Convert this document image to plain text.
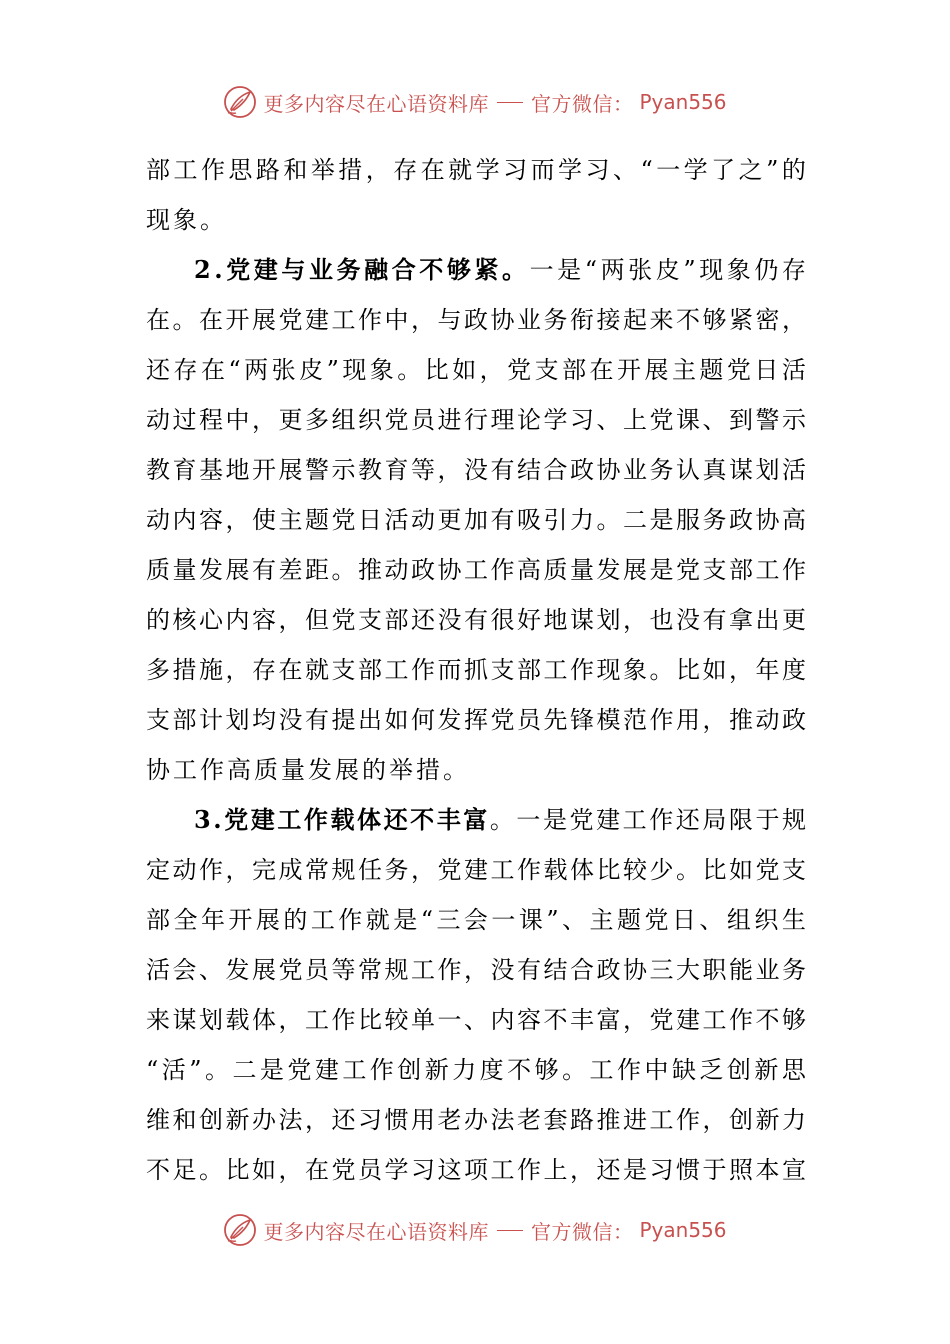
更多内容尽在心语资料库 官方微信： Pyan556
部 工 作 思 路 和 举 措 ， 存 在 就 学 习 而 学 习 、 “ 一 学 了 之 ” 的
现 象 。
2 . 党 建 与 业 务 融 合 不 够 紧 。 一 是 “ 两 张 皮 ” 现 象 仍 存
在 。 在 开 展 党 建 工 作 中 ， 与 政 协 业 务 衔 接 起 来 不 够 紧 密 ，
还 存 在 “ 两 张 皮 ” 现 象 。 比 如 ， 党 支 部 在 开 展 主 题 党 日 活
动 过 程 中 ， 更 多 组 织 党 员 进 行 理 论 学 习 、 上 党 课 、 到 警 示
教 育 基 地 开 展 警 示 教 育 等 ， 没 有 结 合 政 协 业 务 认 真 谋 划 活
动 内 容 ， 使 主 题 党 日 活 动 更 加 有 吸 引 力 。 二 是 服 务 政 协 高
质 量 发 展 有 差 距 。 推 动 政 协 工 作 高 质 量 发 展 是 党 支 部 工 作
的 核 心 内 容 ， 但 党 支 部 还 没 有 很 好 地 谋 划 ， 也 没 有 拿 出 更
多 措 施 ， 存 在 就 支 部 工 作 而 抓 支 部 工 作 现 象 。 比 如 ， 年 度
支 部 计 划 均 没 有 提 出 如 何 发 挥 党 员 先 锋 模 范 作 用 ， 推 动 政
协 工 作 高 质 量 发 展 的 举 措 。
3 . 党 建 工 作 载 体 还 不 丰 富 。 一 是 党 建 工 作 还 局 限 于 规
定 动 作 ， 完 成 常 规 任 务 ， 党 建 工 作 载 体 比 较 少 。 比 如 党 支
部 全 年 开 展 的 工 作 就 是 “ 三 会 一 课 ” 、 主 题 党 日 、 组 织 生
活 会 、 发 展 党 员 等 常 规 工 作 ， 没 有 结 合 政 协 三 大 职 能 业 务
来 谋 划 载 体 ， 工 作 比 较 单 一 、 内 容 不 丰 富 ， 党 建 工 作 不 够
“ 活 ” 。 二 是 党 建 工 作 创 新 力 度 不 够 。 工 作 中 缺 乏 创 新 思
维 和 创 新 办 法 ， 还 习 惯 用 老 办 法 老 套 路 推 进 工 作 ， 创 新 力
不 足 。 比 如 ， 在 党 员 学 习 这 项 工 作 上 ， 还 是 习 惯 于 照 本 宣
更多内容尽在心语资料库 官方微信： Pyan556
